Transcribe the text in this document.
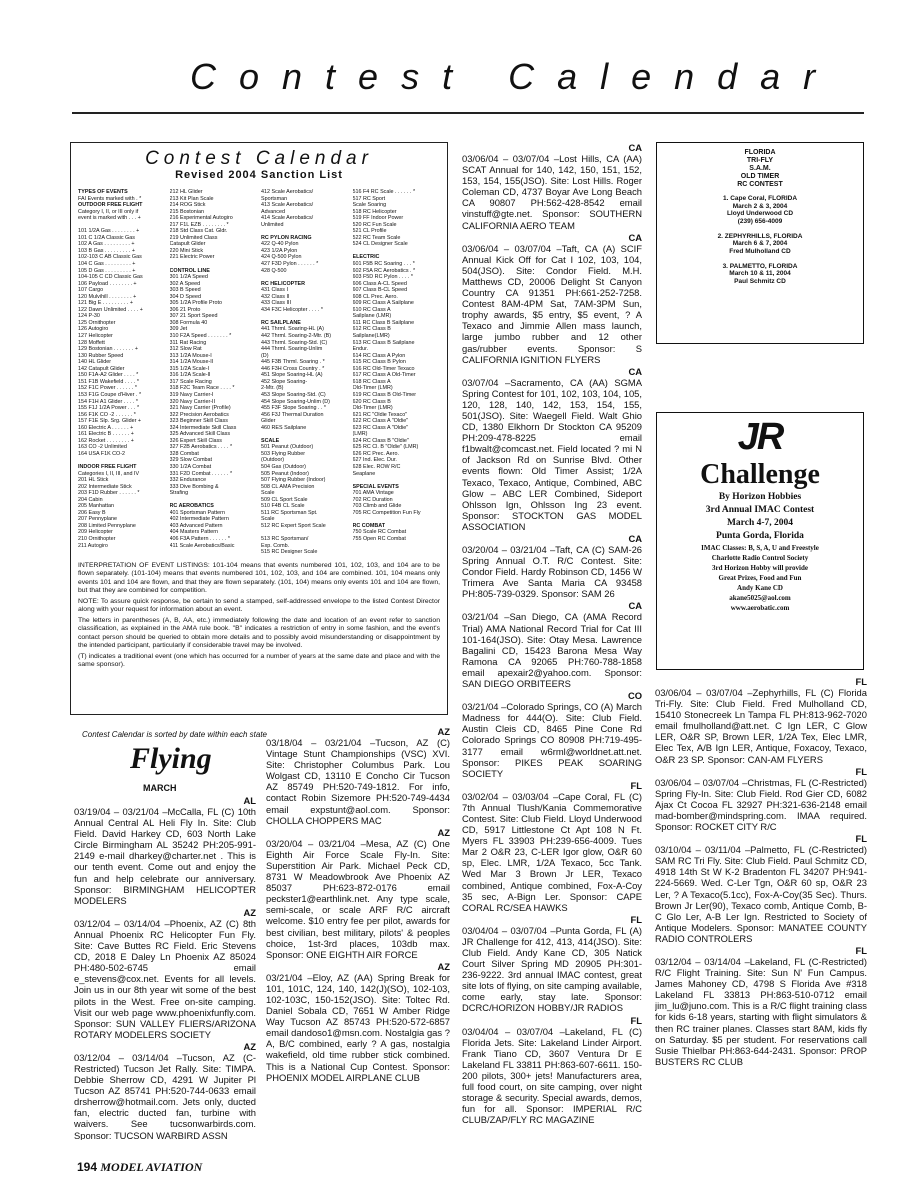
Contest Calendar
Contest Calendar
Revised 2004 Sanction List
TYPES OF EVENTS
FAI Events marked with . *
OUTDOOR FREE FLIGHT
Category I, II, or III only if
event is marked with . . . +

101 1/2A Gas . . . . . . . . +
101 C 1/2A Classic Gas
102 A Gas . . . . . . . . . +
103 B Gas . . . . . . . . . +
102-103 C AB Classic Gas
104 C Gas . . . . . . . . . +
105 D Gas . . . . . . . . . +
104-105 C CD Classic Gas
106 Payload . . . . . . . . +
107 Cargo
120 Mulvihill . . . . . . . . +
121 Big E . . . . . . . . . +
122 Dawn Unlimited . . . . +
124 P-30
125 Ornithopter
126 Autogiro
127 Helicopter
128 Moffett
129 Bostonian . . . . . . . +
130 Rubber Speed
140 HL Glider
142 Catapult Glider
150 F1A-A2 Glider . . . . *
151 F1B Wakefield . . . . *
152 F1C Power . . . . . . *
153 F1G Coupe d'Hiver . *
154 F1H A1 Glider . . . . *
155 F1J 1/2A Power . . . *
156 F1K CO -2 . . . . . . *
157 F1E Slp. Srg. Glider +
160 Electric A . . . . . . +
161 Electric B . . . . . . +
162 Rocket . . . . . . . . +
163 CO -2 Unlimited
164 USA F1K CO-2

INDOOR FREE FLIGHT
Categories I, II, III, and IV
201 HL Stick
202 Intermediate Stick
203 F1D Rubber . . . . . . *
204 Cabin
205 Manhattan
206 Easy B
207 Pennyplane
208 Limited Pennyplane
209 Helicopter
210 Ornithopter
211 Autogiro
212 HL Glider
213 Kit Plan Scale
214 ROG Stick
215 Bostonian
216 Experimental Autogiro
217 F1L EZB . . . . . . . . *
218 Std Class Cat. Gldr.
219 Unlimited Class
Catapult Glider
220 Mini Stick
221 Electric Power

CONTROL LINE
301 1/2A Speed
302 A Speed
303 B Speed
304 D Speed
305 1/2A Profile Proto
306 21 Proto
307 21 Sport Speed
308 Formula 40
309 Jet
310 F2A Speed . . . . . . . *
311 Rat Racing
312 Slow Rat
313 1/2A Mouse-I
314 1/2A Mouse-II
315 1/2A Scale-I
316 1/2A Scale-II
317 Scale Racing
318 F2C Team Race . . . . *
319 Navy Carrier-I
320 Navy Carrier-II
321 Navy Carrier (Profile)
322 Precision Aerobatics
323 Beginner Skill Class
324 Intermediate Skill Class
325 Advanced Skill Class
326 Expert Skill Class
327 F2B Aerobatics . . . . *
328 Combat
329 Slow Combat
330 1/2A Combat
331 F2D Combat . . . . . . *
332 Endurance
333 Dive Bombing &
Strafing

RC AEROBATICS
401 Sportsman Pattern
402 Intermediate Pattern
403 Advanced Pattern
404 Masters Pattern
406 F3A Pattern . . . . . . *
411 Scale Aerobatics/Basic
412 Scale Aerobatics/
Sportsman
413 Scale Aerobatics/
Advanced
414 Scale Aerobatics/
Unlimited

RC PYLON RACING
422 Q-40 Pylon
423 1/2A Pylon
424 Q-500 Pylon
427 F3D Pylon . . . . . . *
428 Q-500

RC HELICOPTER
431 Class I
432 Class II
433 Class III
434 F3C Helicopter . . . . *

RC SAILPLANE
441 Thrml. Soaring-HL (A)
442 Thrml. Soaring-2-Mtr. (B)
443 Thrml. Soaring-Std. (C)
444 Thrml. Soaring-Unlim
(D)
445 F3B Thrml. Soaring . *
446 F3H Cross Country . *
451 Slope Soaring-HL (A)
452 Slope Soaring-
2-Mtr. (B)
453 Slope Soaring-Std. (C)
454 Slope Soaring-Unlim (D)
455 F3F Slope Soaring . . *
456 F3J Thermal Duration
Glider
460 RES Sailplane

SCALE
501 Peanut (Outdoor)
503 Flying Rubber
(Outdoor)
504 Gas (Outdoor)
505 Peanut (Indoor)
507 Flying Rubber (Indoor)
508 CL AMA Precision
Scale
509 CL Sport Scale
510 F4B CL Scale
511 RC Sportsman Spt.
Scale
512 RC Expert Sport Scale

513 RC Sportsman/
Exp. Comb.
515 RC Designer Scale
516 F4 RC Scale . . . . . . *
517 RC Sport
Scale Soaring
518 RC Helicopter
519 FF Indoor Power
520 RC Fun Scale
521 CL Profile
522 RC Team Scale
524 CL Designer Scale

ELECTRIC
601 F5B RC Soaring . . . *
602 F5A RC Aerobatics . *
603 F5D RC Pylon . . . . *
606 Class A-CL Speed
607 Class B-CL Speed
608 CL Prec. Aero.
609 RC Class A Sailplane
610 RC Class A
Sailplane (LMR)
611 RC Class B Sailplane
612 RC Class B
Sailplane(LMR)
613 RC Class B Sailplane
Endur.
614 RC Class A Pylon
615 RC Class B Pylon
616 RC Old-Timer Texaco
617 RC Class A Old-Timer
618 RC Class A
Old-Timer (LMR)
619 RC Class B Old-Timer
620 RC Class B
Old-Timer (LMR)
621 RC "Oldie Texaco"
622 RC Class A "Oldie"
623 RC Class A "Oldie"
(LMR)
624 RC Class B "Oldie"
625 RC Cl. B "Oldie" (LMR)
626 RC Prec. Aero.
627 Ind. Elec. Dur.
628 Elec. ROW R/C
Seaplane

SPECIAL EVENTS
701 AMA Vintage
702 RC Duration
703 Climb and Glide
705 RC Competition Fun Fly

RC COMBAT
750 Scale RC Combat
755 Open RC Combat

INTERPRETATION OF EVENT LISTINGS: 101-104 means that events numbered 101, 102, 103, and 104 are to be flown separately. (101-104) means that events numbered 101, 102, 103, and 104 are combined. 101, 104 means only events 101 and 104 are flown, and that they are flown separately. (101, 104) means only events 101 and 104 are flown, but that they are combined for competition.

NOTE: To assure quick response, be certain to send a stamped, self-addressed envelope to the listed Contest Director along with your request for information about an event.

The letters in parentheses (A, B, AA, etc.) immediately following the date and location of an event refer to sanction classification, as explained in the AMA rule book. "B" indicates a restriction of entry in some fashion, and the event's contact person should be queried to obtain more details and to possibly avoid misunderstanding or disappointment by the intended participant, particularly if considerable travel may be involved.

(T) indicates a traditional event (one which has occurred for a number of years at the same date and place and with the same sponsor).

Contest Calendar is sorted by date within each state
Flying
MARCH
AL
03/19/04 – 03/21/04 –McCalla, FL (C) 10th Annual Central AL Heli Fly In. Site: Club Field. David Harkey CD, 603 North Lake Circle Birmingham AL 35242 PH:205-991-2149 e-mail dharkey@charter.net . This is our tenth event. Come out and enjoy the fun and help celebrate our anniversary. Sponsor: BIRMINGHAM HELICOPTER MODELERS
AZ
03/12/04 – 03/14/04 –Phoenix, AZ (C) 8th Annual Phoenix RC Helicopter Fun Fly. Site: Cave Buttes RC Field. Eric Stevens CD, 2018 E Daley Ln Phoenix AZ 85024 PH:480-502-6745 email e_stevens@cox.net. Events for all levels. Join us in our 8th year wit some of the best pilots in the West. Free on-site camping. Visit our web page www.phoenixfunfly.com. Sponsor: SUN VALLEY FLIERS/ARIZONA ROTARY MODELERS SOCIETY
AZ
03/12/04 – 03/14/04 –Tucson, AZ (C-Restricted) Tucson Jet Rally. Site: TIMPA. Debbie Sherrow CD, 4291 W Jupiter Pl Tucson AZ 85741 PH:520-744-0633 email drsherrow@hotmail.com. Jets only, ducted fan, electric ducted fan, turbine with waivers. See tucsonwarbirds.com. Sponsor: TUCSON WARBIRD ASSN
AZ
03/18/04 – 03/21/04 –Tucson, AZ (C) Vintage Stunt Championships (VSC) XVI. Site: Christopher Columbus Park. Lou Wolgast CD, 13110 E Concho Cir Tucson AZ 85749 PH:520-749-1812. For info, contact Robin Sizemore PH:520-749-4434 email expstunt@aol.com. Sponsor: CHOLLA CHOPPERS MAC
AZ
03/20/04 – 03/21/04 –Mesa, AZ (C) One Eighth Air Force Scale Fly-In. Site: Superstition Air Park. Michael Peck CD, 8731 W Meadowbrook Ave Phoenix AZ 85037 PH:623-872-0176 email peckster1@earthlink.net. Any type scale, semi-scale, or scale ARF R/C aircraft welcome. $10 entry fee per pilot, awards for best civilian, best military, pilots' & peoples choice, 1st-3rd places, 103db max. Sponsor: ONE EIGHTH AIR FORCE
AZ
03/21/04 –Eloy, AZ (AA) Spring Break for 101, 101C, 124, 140, 142(J)(SO), 102-103, 102-103C, 150-152(JSO). Site: Toltec Rd. Daniel Sobala CD, 7651 W Amber Ridge Way Tucson AZ 85743 PH:520-572-6857 email dandoso1@msn.com. Nostalgia gas ? A, B/C combined, early ? A gas, nostalgia wakefield, old time rubber stick combined. This is a National Cup Contest. Sponsor: PHOENIX MODEL AIRPLANE CLUB
CA
03/06/04 – 03/07/04 –Lost Hills, CA (AA) SCAT Annual for 140, 142, 150, 151, 152, 153, 154, 155(JSO). Site: Lost Hills. Roger Coleman CD, 4737 Boyar Ave Long Beach CA 90807 PH:562-428-8542 email vinstuff@gte.net. Sponsor: SOUTHERN CALIFORNIA AERO TEAM
CA
03/06/04 – 03/07/04 –Taft, CA (A) SCIF Annual Kick Off for Cat I 102, 103, 104, 504(JSO). Site: Condor Field. M.H. Matthews CD, 20006 Delight St Canyon Country CA 91351 PH:661-252-7258. Contest 8AM-4PM Sat, 7AM-3PM Sun, trophy awards, $5 entry, $5 event, ? A Texaco and Jimmie Allen mass launch, large jumbo rubber and 12 other gas/rubber events. Sponsor: S CALIFORNIA IGNITION FLYERS
CA
03/07/04 –Sacramento, CA (AA) SGMA Spring Contest for 101, 102, 103, 104, 105, 120, 128, 140, 142, 153, 154, 155, 501(JSO). Site: Waegell Field. Walt Ghio CD, 1380 Elkhorn Dr Stockton CA 95209 PH:209-478-8225 email f1bwalt@comcast.net. Field located ? mi N of Jackson Rd on Sunrise Blvd. Other events flown: Old Timer Assist; 1/2A Texaco, Texaco, Antique, Combined, ABC Glow – ABC LER Combined, Sideport Ohlsson Ign, Ohlsson Ing 23 event. Sponsor: STOCKTON GAS MODEL ASSOCIATION
CA
03/20/04 – 03/21/04 –Taft, CA (C) SAM-26 Spring Annual O.T. R/C Contest. Site: Condor Field. Hardy Robinson CD, 1456 W Trimera Ave Santa Maria CA 93458 PH:805-739-0329. Sponsor: SAM 26
CA
03/21/04 –San Diego, CA (AMA Record Trial) AMA National Record Trial for Cat III 101-164(JSO). Site: Otay Mesa. Lawrence Bagalini CD, 15423 Barona Mesa Way Ramona CA 92065 PH:760-788-1858 email apexair2@yahoo.com. Sponsor: SAN DIEGO ORBITEERS
CO
03/21/04 –Colorado Springs, CO (A) March Madness for 444(O). Site: Club Field. Austin Cleis CD, 8465 Pine Cone Rd Colorado Springs CO 80908 PH:719-495-3177 email w6rml@worldnet.att.net. Sponsor: PIKES PEAK SOARING SOCIETY
FL
03/02/04 – 03/03/04 –Cape Coral, FL (C) 7th Annual Tlush/Kania Commemorative Contest. Site: Club Field. Lloyd Underwood CD, 5917 Littlestone Ct Apt 108 N Ft. Myers FL 33903 PH:239-656-4009. Tues Mar 2 O&R 23, C-LER Igor glow, O&R 60 sp, Elec. LMR, 1/2A Texaco, 5cc Tank. Wed Mar 3 Brown Jr LER, Texaco combined, Antique combined, Fox-A-Coy 35 sec, A-Bign Ler. Sponsor: CAPE CORAL RC/SEA HAWKS
FL
03/04/04 – 03/07/04 –Punta Gorda, FL (A) JR Challenge for 412, 413, 414(JSO). Site: Club Field. Andy Kane CD, 305 Natick Court Silver Spring MD 20905 PH:301-236-9222. 3rd annual IMAC contest, great site lots of flying, on site camping available, come early, stay late. Sponsor: DCRC/HORIZON HOBBY/JR RADIOS
FL
03/04/04 – 03/07/04 –Lakeland, FL (C) Florida Jets. Site: Lakeland Linder Airport. Frank Tiano CD, 3607 Ventura Dr E Lakeland FL 33811 PH:863-607-6611. 150-200 pilots, 300+ jets! Manufacturers area, full food court, on site camping, over night storage & security. Special awards, demos, fun for all. Sponsor: IMPERIAL R/C CLUB/ZAP/FLY RC MAGAZINE
FL
03/06/04 – 03/07/04 –Zephyrhills, FL (C) Florida Tri-Fly. Site: Club Field. Fred Mulholland CD, 15410 Stonecreek Ln Tampa FL PH:813-962-7020 email fmulholland@att.net. C Ign LER, C Glow LER, O&R SP, Brown LER, 1/2A Tex, Elec LMR, Elec Tex, A/B Ign LER, Antique, Foxacoy, Texaco, O&R 23 SP. Sponsor: CAN-AM FLYERS
FL
03/06/04 – 03/07/04 –Christmas, FL (C-Restricted) Spring Fly-In. Site: Club Field. Rod Gier CD, 6082 Ajax Ct Cocoa FL 32927 PH:321-636-2148 email mad-bomber@mindspring.com. IMAA required. Sponsor: ROCKET CITY R/C
FL
03/10/04 – 03/11/04 –Palmetto, FL (C-Restricted) SAM RC Tri Fly. Site: Club Field. Paul Schmitz CD, 4918 14th St W K-2 Bradenton FL 34207 PH:941-224-5669. Wed. C-Ler Tgn, O&R 60 sp, O&R 23 Ler, ? A Texaco(5.1cc), Fox-A-Coy(35 Sec). Thurs. Brown Jr Ler(90), Texaco comb, Antique Comb, B-C Glo Ler, A-B Ler Ign. Restricted to Society of Antique Modelers. Sponsor: MANATEE COUNTY RADIO CONTROLERS
FL
03/12/04 – 03/14/04 –Lakeland, FL (C-Restricted) R/C Flight Training. Site: Sun N' Fun Campus. James Mahoney CD, 4798 S Florida Ave #318 Lakeland FL 33813 PH:863-510-0712 email jim_lu@juno.com. This is a R/C flight training class for kids 6-18 years, starting with flight simulators & then RC trainer planes. Classes start 8AM, kids fly on Saturday. $5 per student. For reservations call Susie Thielbar PH:863-644-2431. Sponsor: PROP BUSTERS RC CLUB
FLORIDA
TRI-FLY
S.A.M.
OLD TIMER
RC CONTEST
1. Cape Coral, FLORIDA
March 2 & 3, 2004
Lloyd Underwood CD
(239) 656-4009

2. ZEPHYRHILLS, FLORIDA
March 6 & 7, 2004
Fred Mulholland CD

3. PALMETTO, FLORIDA
March 10 & 11, 2004
Paul Schmitz CD
JR
Challenge
By Horizon Hobbies
3rd Annual IMAC Contest
March 4-7, 2004
Punta Gorda, Florida
IMAC Classes: B, S, A, U and Freestyle
Charlotte Radio Control Society
3rd Horizon Hobby will provide
Great Prizes, Food and Fun
Andy Kane CD
akane5025@aol.com
www.aerobatic.com
194 MODEL AVIATION
